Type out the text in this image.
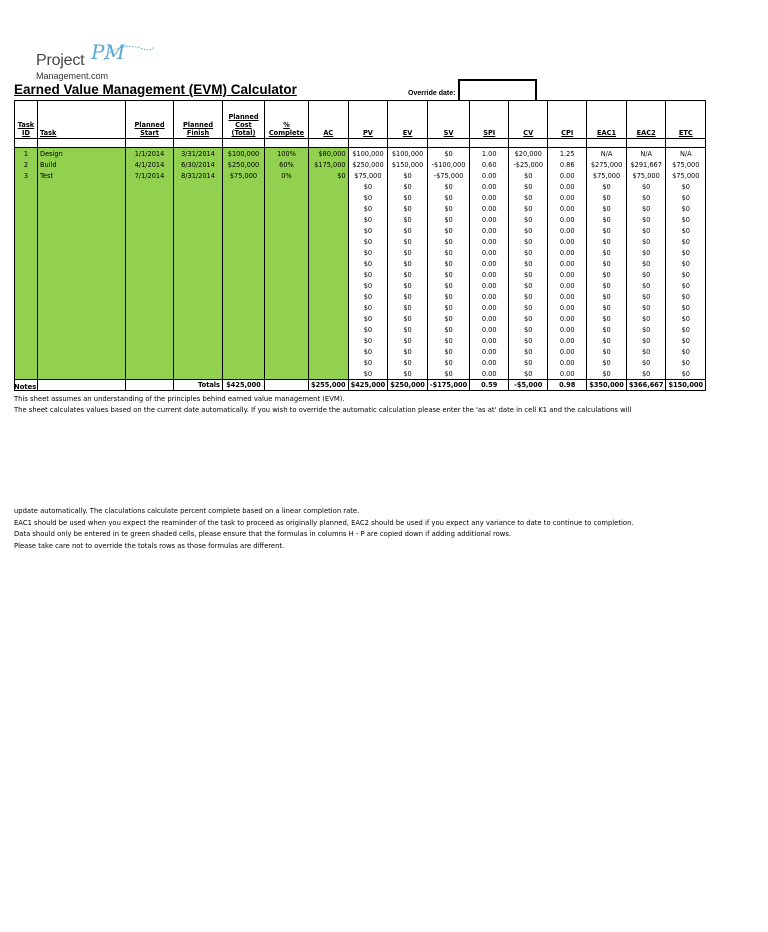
Project PM
Management.com
Earned Value Management (EVM) Calculator	Override date:
Task ID	Task	Planned Start	Planned Finish	Planned Cost (Total)	% Complete	AC	PV	EV	SV	SPI	CV	CPI	EAC1	EAC2	ETC

1	Design	1/1/2014	3/31/2014	$100,000	100%	$80,000	$100,000	$100,000	$0	1.00	$20,000	1.25	N/A	N/A	N/A
2	Build	4/1/2014	6/30/2014	$250,000	60%	$175,000	$250,000	$150,000	-$100,000	0.60	-$25,000	0.86	$275,000	$291,667	$75,000
3	Test	7/1/2014	8/31/2014	$75,000	0%	$0	$75,000	$0	-$75,000	0.00	$0	0.00	$75,000	$75,000	$75,000
							$0	$0	$0	0.00	$0	0.00	$0	$0	$0
							$0	$0	$0	0.00	$0	0.00	$0	$0	$0
							$0	$0	$0	0.00	$0	0.00	$0	$0	$0
							$0	$0	$0	0.00	$0	0.00	$0	$0	$0
							$0	$0	$0	0.00	$0	0.00	$0	$0	$0
							$0	$0	$0	0.00	$0	0.00	$0	$0	$0
							$0	$0	$0	0.00	$0	0.00	$0	$0	$0
							$0	$0	$0	0.00	$0	0.00	$0	$0	$0
							$0	$0	$0	0.00	$0	0.00	$0	$0	$0
							$0	$0	$0	0.00	$0	0.00	$0	$0	$0
							$0	$0	$0	0.00	$0	0.00	$0	$0	$0
							$0	$0	$0	0.00	$0	0.00	$0	$0	$0
							$0	$0	$0	0.00	$0	0.00	$0	$0	$0
							$0	$0	$0	0.00	$0	0.00	$0	$0	$0
							$0	$0	$0	0.00	$0	0.00	$0	$0	$0
							$0	$0	$0	0.00	$0	0.00	$0	$0	$0
							$0	$0	$0	0.00	$0	0.00	$0	$0	$0
							$0	$0	$0	0.00	$0	0.00	$0	$0	$0
			Totals	$425,000		$255,000	$425,000	$250,000	-$175,000	0.59	-$5,000	0.98	$350,000	$366,667	$150,000
Notes
This sheet assumes an understanding of the principles behind earned value management (EVM).
The sheet calculates values based on the current date automatically. If you wish to override the automatic calculation please enter the 'as at' date in cell K1 and the calculations will
update automatically. The claculations calculate percent complete based on a linear completion rate.
EAC1 should be used when you expect the reaminder of the task to proceed as originally planned, EAC2 should be used if you expect any variance to date to continue to completion.
Data should only be entered in te green shaded cells, please ensure that the formulas in columns H - P are copied down if adding additional rows.
Please take care not to override the totals rows as those formulas are different.
